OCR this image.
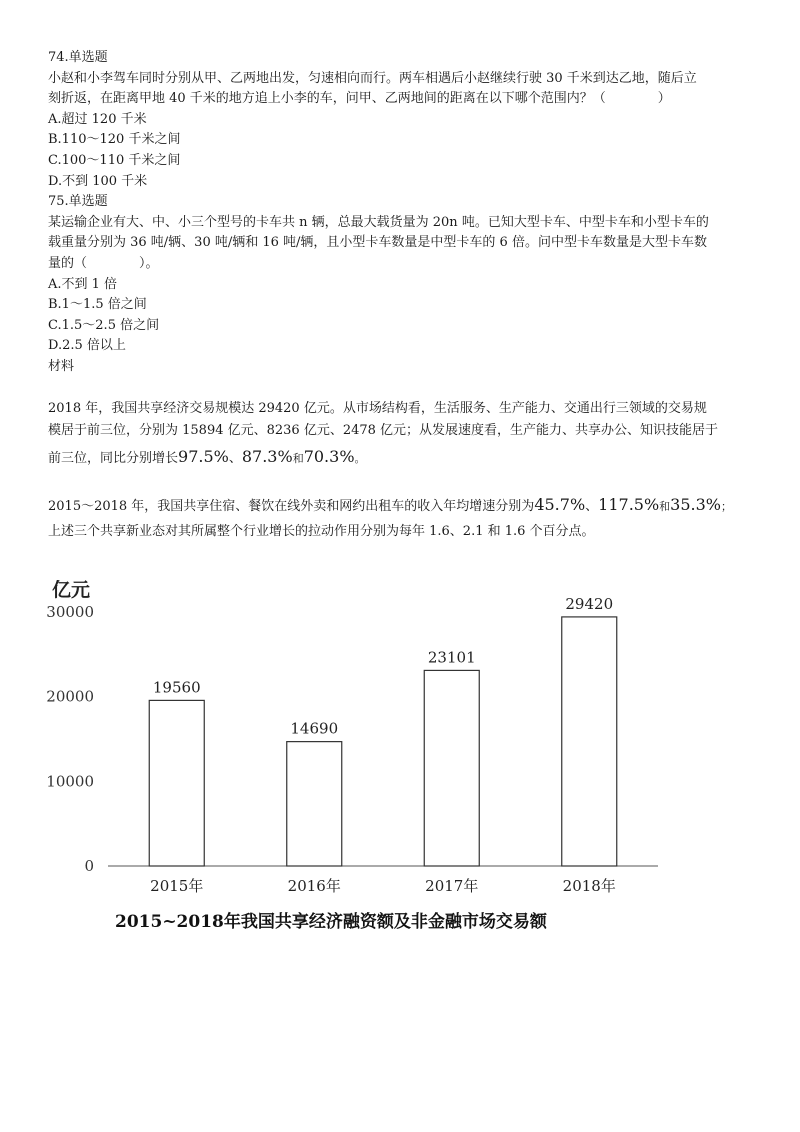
74.单选题

小赵和小李驾车同时分别从甲、乙两地出发，匀速相向而行。两车相遇后小赵继续行驶 30 千米到达乙地，随后立

刻折返，在距离甲地 40 千米的地方追上小李的车，问甲、乙两地间的距离在以下哪个范围内？（　　　　）

A.超过 120 千米

B.110～120 千米之间

C.100～110 千米之间

D.不到 100 千米

75.单选题

某运输企业有大、中、小三个型号的卡车共 n 辆，总最大载货量为 20n 吨。已知大型卡车、中型卡车和小型卡车的

载重量分别为 36 吨/辆、30 吨/辆和 16 吨/辆，且小型卡车数量是中型卡车的 6 倍。问中型卡车数量是大型卡车数

量的（　　　　）。

A.不到 1 倍

B.1～1.5 倍之间

C.1.5～2.5 倍之间

D.2.5 倍以上

材料

2018 年，我国共享经济交易规模达 29420 亿元。从市场结构看，生活服务、生产能力、交通出行三领域的交易规

模居于前三位，分别为 15894 亿元、8236 亿元、2478 亿元；从发展速度看，生产能力、共享办公、知识技能居于

前三位，同比分别增长97.5%、87.3%和70.3%。

2015～2018 年，我国共享住宿、餐饮在线外卖和网约出租车的收入年均增速分别为45.7%、117.5%和35.3%；

上述三个共享新业态对其所属整个行业增长的拉动作用分别为每年 1.6、2.1 和 1.6 个百分点。

亿元
0
10000
20000
30000
19560
14690
23101
29420
2015年	2016年	2017年	2018年
2015~2018年我国共享经济融资额及非金融市场交易额
